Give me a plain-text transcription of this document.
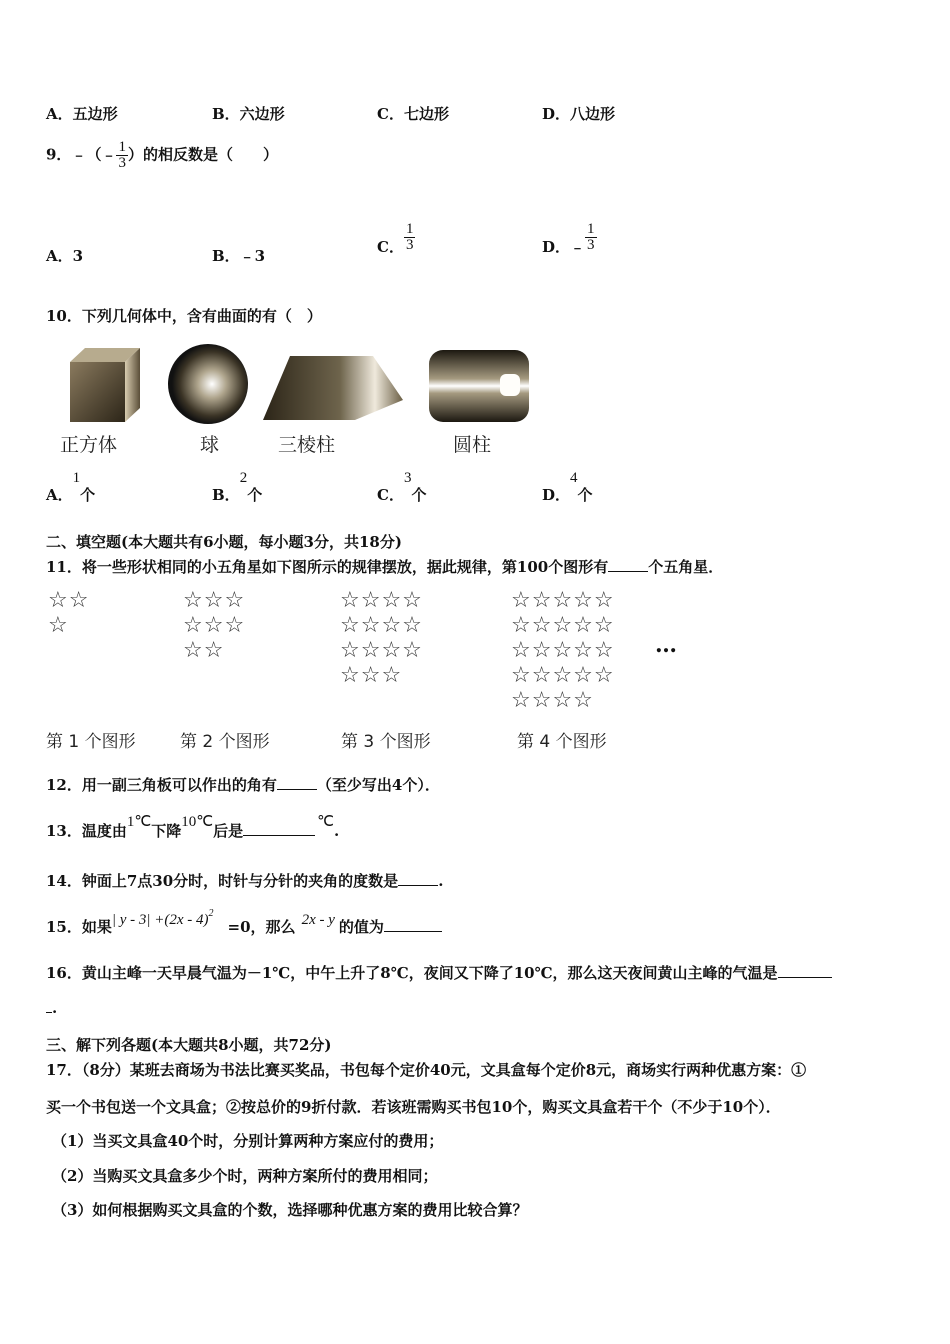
A．五边形	B．六边形	C．七边形	D．八边形
9．﹣（﹣ $\frac{1}{3}$ ）的相反数是（　　）
A．3	B．﹣3
C． $\frac{1}{3}$	D．﹣ $\frac{1}{3}$
10．下列几何体中，含有曲面的有（　）
正方体	球	三棱柱	圆柱
A．1个	B．2个	C．3个	D．4个
二、填空题(本大题共有6小题，每小题3分，共18分)
11．将一些形状相同的小五角星如下图所示的规律摆放，据此规律，第100个图形有	个五角星．
☆☆
☆
☆☆☆
☆☆☆
☆☆
☆☆☆☆
☆☆☆☆
☆☆☆☆
☆☆☆
☆☆☆☆☆
☆☆☆☆☆
☆☆☆☆☆
☆☆☆☆☆
☆☆☆☆
…
第 1 个图形	第 2 个图形	第 3 个图形	第 4 个图形
12．用一副三角板可以作出的角有	（至少写出4个）．
13．温度由1℃下降10℃后是	℃.
14．钟面上7点30分时，时针与分针的夹角的度数是	.
15．如果| y - 3| +(2x - 4)$^2$=0，那么 2x - y 的值为
16．黄山主峰一天早晨气温为－1℃，中午上升了8℃，夜间又下降了10℃，那么这天夜间黄山主峰的气温是
.
三、解下列各题(本大题共8小题，共72分)
17．（8分）某班去商场为书法比赛买奖品，书包每个定价40元，文具盒每个定价8元，商场实行两种优惠方案：①
买一个书包送一个文具盒；②按总价的9折付款．若该班需购买书包10个，购买文具盒若干个（不少于10个）．
（1）当买文具盒40个时，分别计算两种方案应付的费用；
（2）当购买文具盒多少个时，两种方案所付的费用相同；
（3）如何根据购买文具盒的个数，选择哪种优惠方案的费用比较合算？
